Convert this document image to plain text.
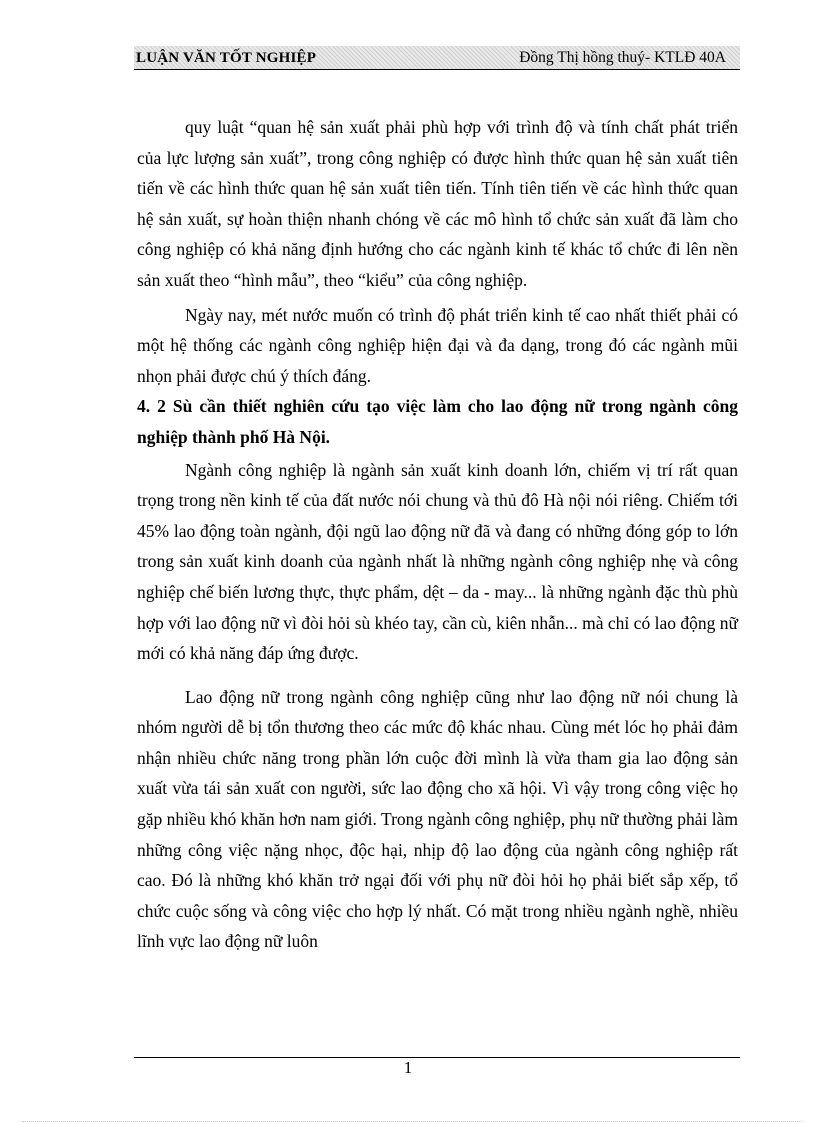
LUẬN VĂN TỐT NGHIỆP	Đồng Thị hồng thuý- KTLĐ 40A

quy luật “quan hệ sản xuất phải phù hợp với trình độ và tính chất phát triển của lực lượng sản xuất”, trong công nghiệp có được hình thức quan hệ sản xuất tiên tiến về các hình thức quan hệ sản xuất tiên tiến. Tính tiên tiến về các hình thức quan hệ sản xuất, sự hoàn thiện nhanh chóng về các mô hình tổ chức sản xuất đã làm cho công nghiệp có khả năng định hướng cho các ngành kinh tế khác tổ chức đi lên nền sản xuất theo “hình mẫu”, theo “kiểu” của công nghiệp.

Ngày nay, mét nước muốn có trình độ phát triển kinh tế cao nhất thiết phải có một hệ thống các ngành công nghiệp hiện đại và đa dạng, trong đó các ngành mũi nhọn phải được chú ý thích đáng.

4. 2 Sù cần thiết nghiên cứu tạo việc làm cho lao động nữ trong ngành công nghiệp thành phố Hà Nội.

Ngành công nghiệp là ngành sản xuất kinh doanh lớn, chiếm vị trí rất quan trọng trong nền kinh tế của đất nước nói chung và thủ đô Hà nội nói riêng. Chiếm tới 45% lao động toàn ngành, đội ngũ lao động nữ đã và đang có những đóng góp to lớn trong sản xuất kinh doanh của ngành nhất là những ngành công nghiệp nhẹ và công nghiệp chế biến lương thực, thực phẩm, dệt – da - may... là những ngành đặc thù phù hợp với lao động nữ vì đòi hỏi sù khéo tay, cần cù, kiên nhẫn... mà chỉ có lao động nữ mới có khả năng đáp ứng được.

Lao động nữ trong ngành công nghiệp cũng như lao động nữ nói chung là nhóm người dễ bị tổn thương theo các mức độ khác nhau. Cùng mét lóc họ phải đảm nhận nhiều chức năng trong phần lớn cuộc đời mình là vừa tham gia lao động sản xuất vừa tái sản xuất con người, sức lao động cho xã hội. Vì vậy trong công việc họ gặp nhiều khó khăn hơn nam giới. Trong ngành công nghiệp, phụ nữ thường phải làm những công việc nặng nhọc, độc hại, nhịp độ lao động của ngành công nghiệp rất cao. Đó là những khó khăn trở ngại đối với phụ nữ đòi hỏi họ phải biết sắp xếp, tổ chức cuộc sống và công việc cho hợp lý nhất. Có mặt trong nhiều ngành nghề, nhiều lĩnh vực lao động nữ luôn

1
